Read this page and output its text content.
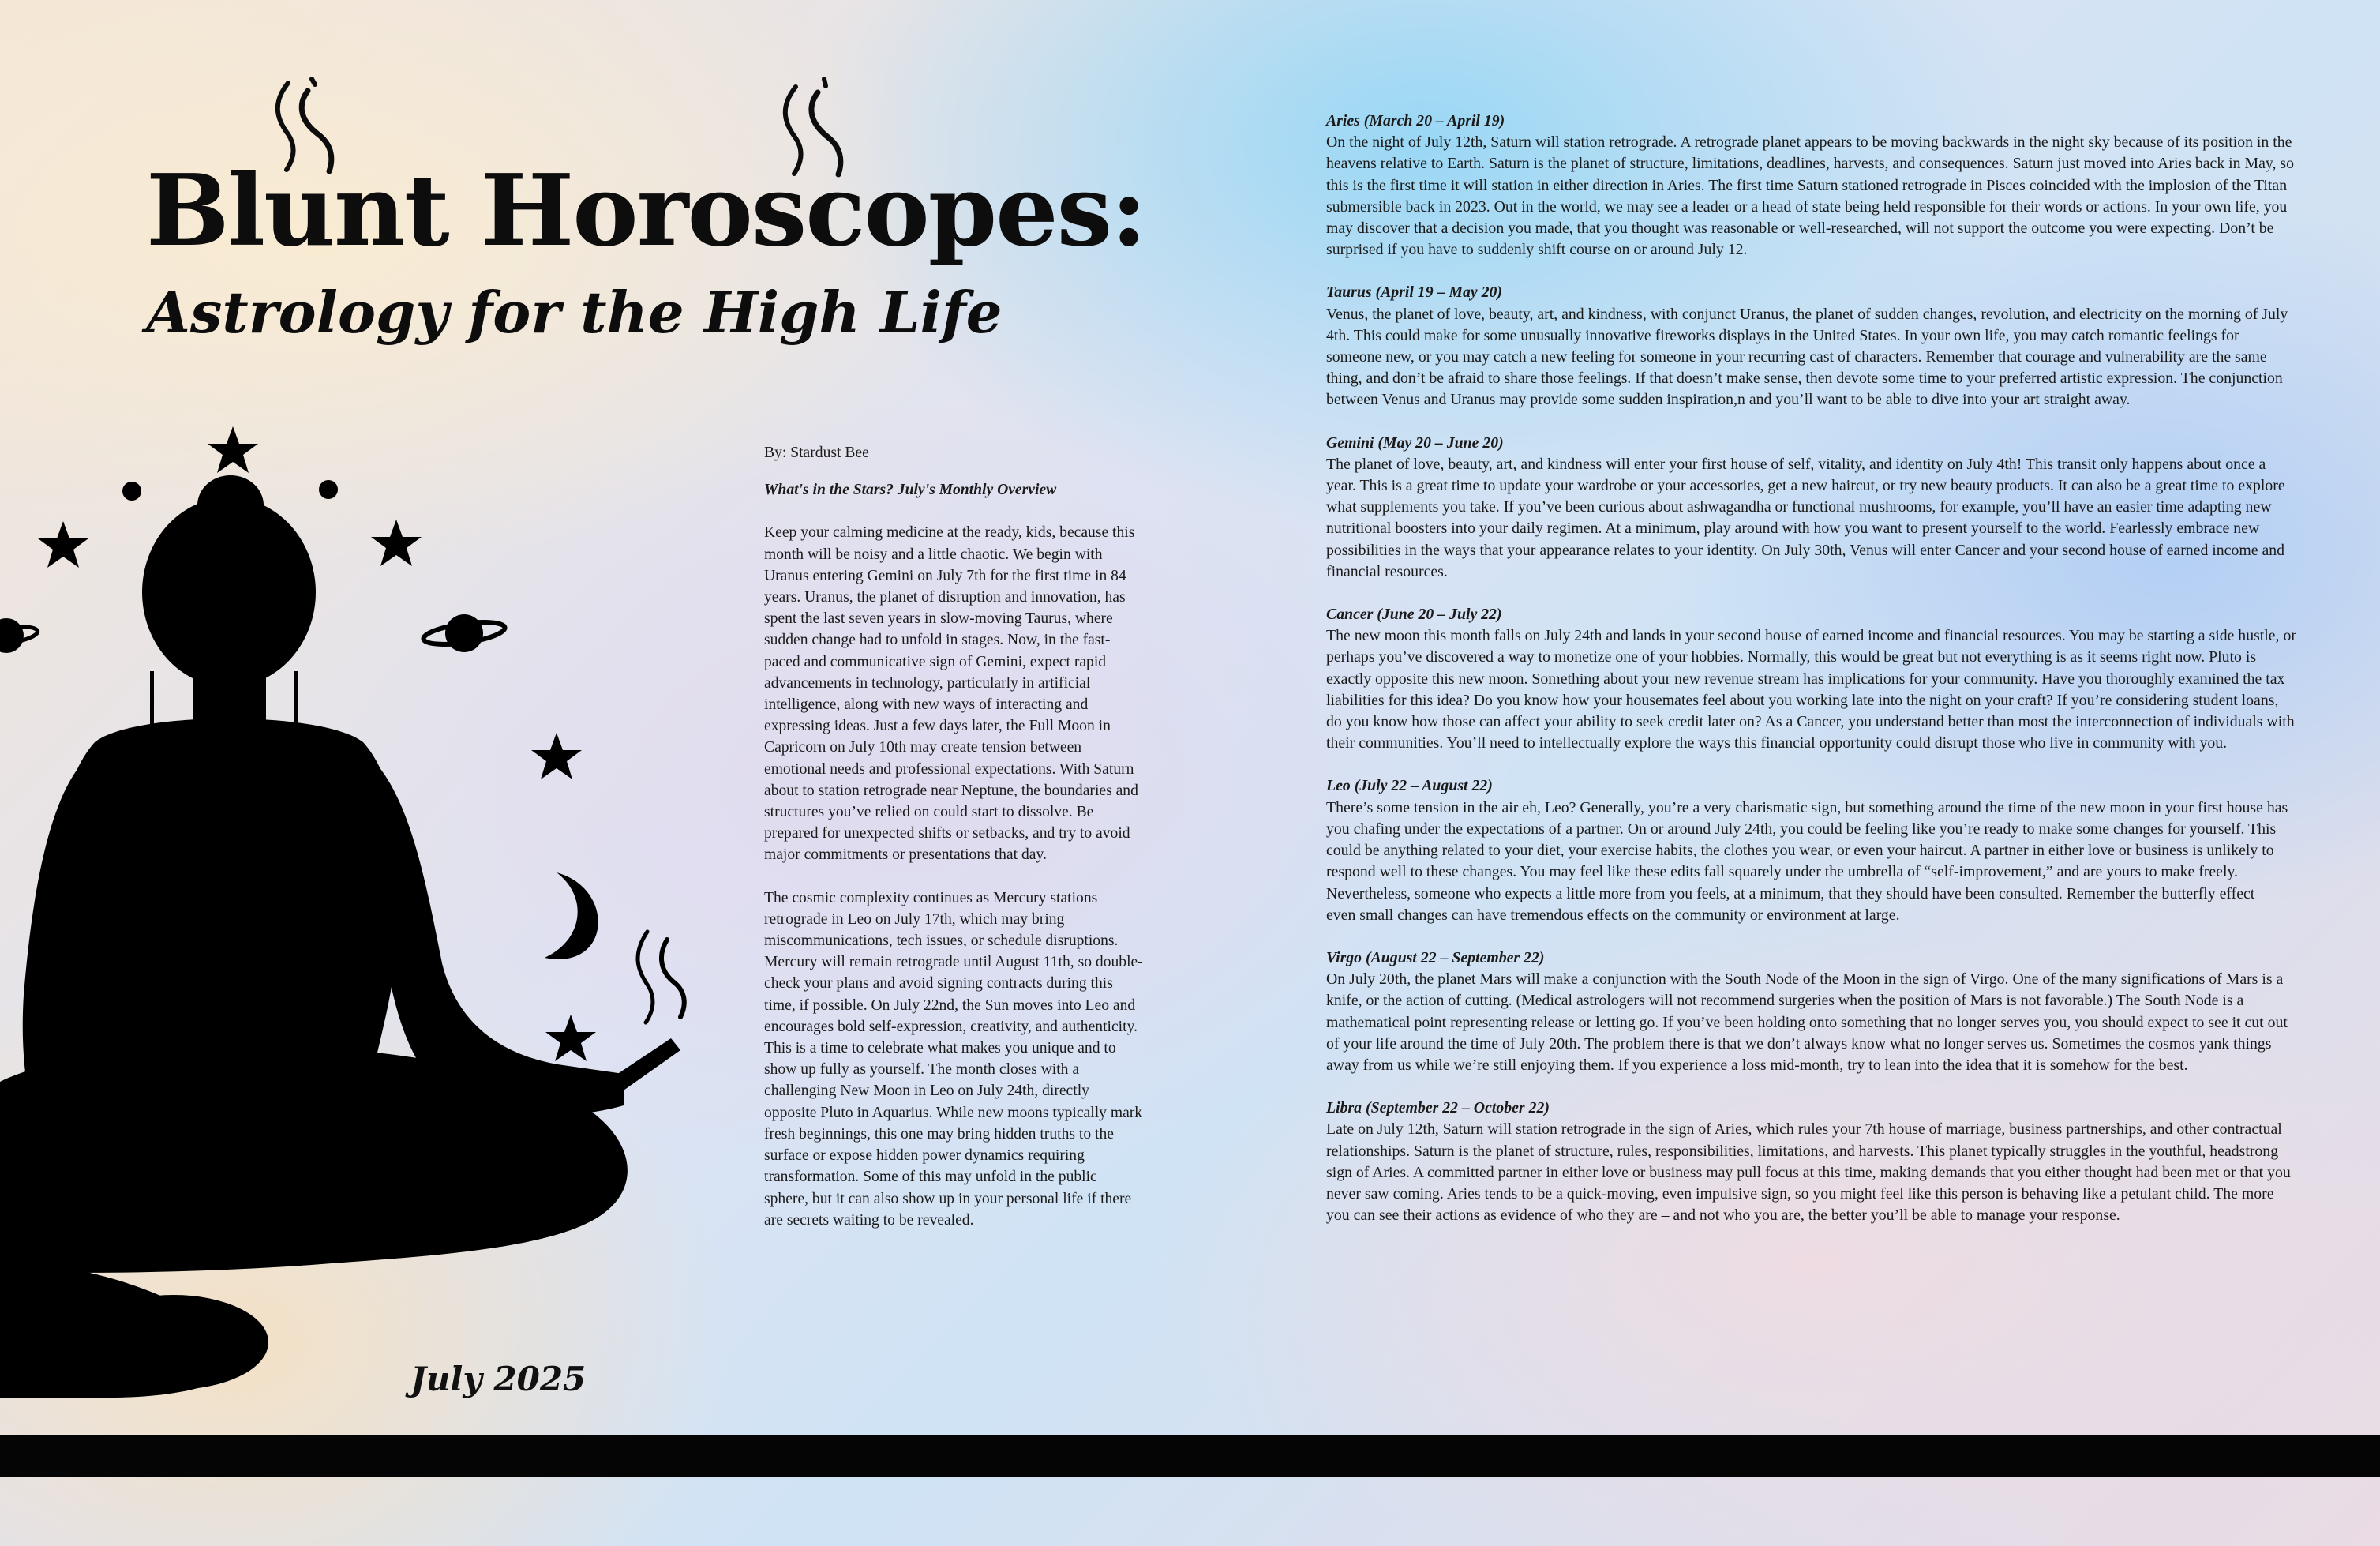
Blunt Horoscopes:
Astrology for the High Life
July 2025

By: Stardust Bee

What's in the Stars? July's Monthly Overview

Keep your calming medicine at the ready, kids, because this month will be noisy and a little chaotic. We begin with Uranus entering Gemini on July 7th for the first time in 84 years. Uranus, the planet of disruption and innovation, has spent the last seven years in slow-moving Taurus, where sudden change had to unfold in stages. Now, in the fast-paced and communicative sign of Gemini, expect rapid advancements in technology, particularly in artificial intelligence, along with new ways of interacting and expressing ideas. Just a few days later, the Full Moon in Capricorn on July 10th may create tension between emotional needs and professional expectations. With Saturn about to station retrograde near Neptune, the boundaries and structures you’ve relied on could start to dissolve. Be prepared for unexpected shifts or setbacks, and try to avoid major commitments or presentations that day.

The cosmic complexity continues as Mercury stations retrograde in Leo on July 17th, which may bring miscommunications, tech issues, or schedule disruptions. Mercury will remain retrograde until August 11th, so double-check your plans and avoid signing contracts during this time, if possible. On July 22nd, the Sun moves into Leo and encourages bold self-expression, creativity, and authenticity. This is a time to celebrate what makes you unique and to show up fully as yourself. The month closes with a challenging New Moon in Leo on July 24th, directly opposite Pluto in Aquarius. While new moons typically mark fresh beginnings, this one may bring hidden truths to the surface or expose hidden power dynamics requiring transformation. Some of this may unfold in the public sphere, but it can also show up in your personal life if there are secrets waiting to be revealed.

Aries (March 20 – April 19)
On the night of July 12th, Saturn will station retrograde. A retrograde planet appears to be moving backwards in the night sky because of its position in the heavens relative to Earth. Saturn is the planet of structure, limitations, deadlines, harvests, and consequences. Saturn just moved into Aries back in May, so this is the first time it will station in either direction in Aries. The first time Saturn stationed retrograde in Pisces coincided with the implosion of the Titan submersible back in 2023. Out in the world, we may see a leader or a head of state being held responsible for their words or actions. In your own life, you may discover that a decision you made, that you thought was reasonable or well-researched, will not support the outcome you were expecting. Don’t be surprised if you have to suddenly shift course on or around July 12.
Taurus (April 19 – May 20)
Venus, the planet of love, beauty, art, and kindness, with conjunct Uranus, the planet of sudden changes, revolution, and electricity on the morning of July 4th. This could make for some unusually innovative fireworks displays in the United States. In your own life, you may catch romantic feelings for someone new, or you may catch a new feeling for someone in your recurring cast of characters. Remember that courage and vulnerability are the same thing, and don’t be afraid to share those feelings. If that doesn’t make sense, then devote some time to your preferred artistic expression. The conjunction between Venus and Uranus may provide some sudden inspiration,n and you’ll want to be able to dive into your art straight away.
Gemini (May 20 – June 20)
The planet of love, beauty, art, and kindness will enter your first house of self, vitality, and identity on July 4th! This transit only happens about once a year. This is a great time to update your wardrobe or your accessories, get a new haircut, or try new beauty products. It can also be a great time to explore what supplements you take. If you’ve been curious about ashwagandha or functional mushrooms, for example, you’ll have an easier time adapting new nutritional boosters into your daily regimen. At a minimum, play around with how you want to present yourself to the world. Fearlessly embrace new possibilities in the ways that your appearance relates to your identity. On July 30th, Venus will enter Cancer and your second house of earned income and financial resources.
Cancer (June 20 – July 22)
The new moon this month falls on July 24th and lands in your second house of earned income and financial resources. You may be starting a side hustle, or perhaps you’ve discovered a way to monetize one of your hobbies. Normally, this would be great but not everything is as it seems right now. Pluto is exactly opposite this new moon. Something about your new revenue stream has implications for your community. Have you thoroughly examined the tax liabilities for this idea? Do you know how your housemates feel about you working late into the night on your craft? If you’re considering student loans, do you know how those can affect your ability to seek credit later on? As a Cancer, you understand better than most the interconnection of individuals with their communities. You’ll need to intellectually explore the ways this financial opportunity could disrupt those who live in community with you.
Leo (July 22 – August 22)
There’s some tension in the air eh, Leo? Generally, you’re a very charismatic sign, but something around the time of the new moon in your first house has you chafing under the expectations of a partner. On or around July 24th, you could be feeling like you’re ready to make some changes for yourself. This could be anything related to your diet, your exercise habits, the clothes you wear, or even your haircut. A partner in either love or business is unlikely to respond well to these changes. You may feel like these edits fall squarely under the umbrella of “self-improvement,” and are yours to make freely. Nevertheless, someone who expects a little more from you feels, at a minimum, that they should have been consulted. Remember the butterfly effect – even small changes can have tremendous effects on the community or environment at large.
Virgo (August 22 – September 22)
On July 20th, the planet Mars will make a conjunction with the South Node of the Moon in the sign of Virgo. One of the many significations of Mars is a knife, or the action of cutting. (Medical astrologers will not recommend surgeries when the position of Mars is not favorable.) The South Node is a mathematical point representing release or letting go. If you’ve been holding onto something that no longer serves you, you should expect to see it cut out of your life around the time of July 20th. The problem there is that we don’t always know what no longer serves us. Sometimes the cosmos yank things away from us while we’re still enjoying them. If you experience a loss mid-month, try to lean into the idea that it is somehow for the best.
Libra (September 22 – October 22)
Late on July 12th, Saturn will station retrograde in the sign of Aries, which rules your 7th house of marriage, business partnerships, and other contractual relationships. Saturn is the planet of structure, rules, responsibilities, limitations, and harvests. This planet typically struggles in the youthful, headstrong sign of Aries. A committed partner in either love or business may pull focus at this time, making demands that you either thought had been met or that you never saw coming. Aries tends to be a quick-moving, even impulsive sign, so you might feel like this person is behaving like a petulant child. The more you can see their actions as evidence of who they are – and not who you are, the better you’ll be able to manage your response.
